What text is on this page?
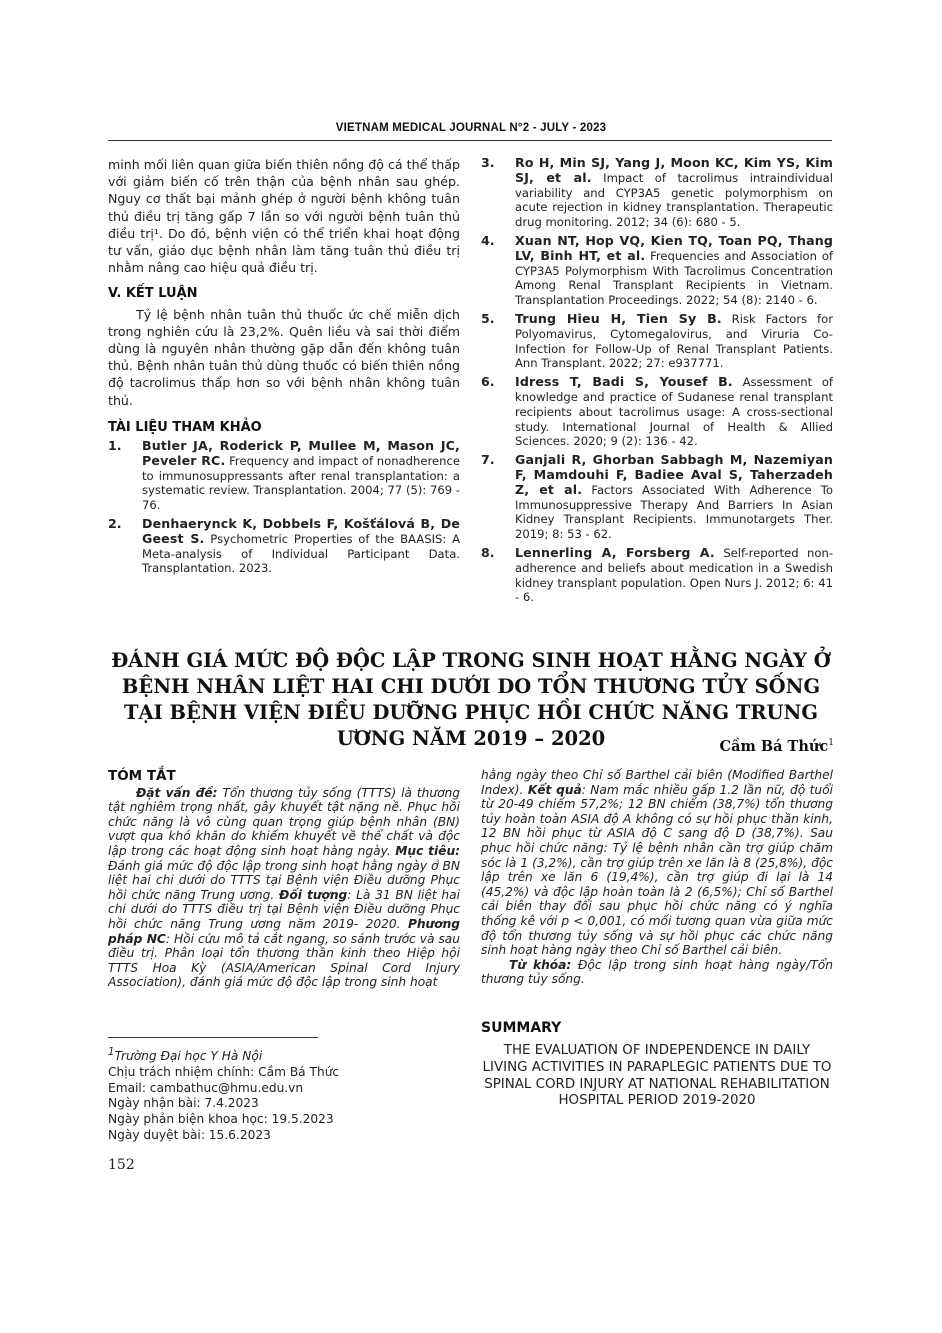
VIETNAM MEDICAL JOURNAL N°2 - JULY - 2023

minh mối liên quan giữa biến thiên nồng độ cá thể thấp với giảm biến cố trên thận của bệnh nhân sau ghép. Nguy cơ thất bại mảnh ghép ở người bệnh không tuân thủ điều trị tăng gấp 7 lần so với người bệnh tuân thủ điều trị¹. Do đó, bệnh viện có thể triển khai hoạt động tư vấn, giáo dục bệnh nhân làm tăng tuân thủ điều trị nhằm nâng cao hiệu quả điều trị.

V. KẾT LUẬN

Tỷ lệ bệnh nhân tuân thủ thuốc ức chế miễn dịch trong nghiên cứu là 23,2%. Quên liều và sai thời điểm dùng là nguyên nhân thường gặp dẫn đến không tuân thủ. Bệnh nhân tuân thủ dùng thuốc có biến thiên nồng độ tacrolimus thấp hơn so với bệnh nhân không tuân thủ.

TÀI LIỆU THAM KHẢO
1. Butler JA, Roderick P, Mullee M, Mason JC, Peveler RC. Frequency and impact of nonadherence to immunosuppressants after renal transplantation: a systematic review. Transplantation. 2004; 77 (5): 769 - 76.
2. Denhaerynck K, Dobbels F, Košťálová B, De Geest S. Psychometric Properties of the BAASIS: A Meta-analysis of Individual Participant Data. Transplantation. 2023.
3. Ro H, Min SJ, Yang J, Moon KC, Kim YS, Kim SJ, et al. Impact of tacrolimus intraindividual variability and CYP3A5 genetic polymorphism on acute rejection in kidney transplantation. Therapeutic drug monitoring. 2012; 34 (6): 680 - 5.
4. Xuan NT, Hop VQ, Kien TQ, Toan PQ, Thang LV, Binh HT, et al. Frequencies and Association of CYP3A5 Polymorphism With Tacrolimus Concentration Among Renal Transplant Recipients in Vietnam. Transplantation Proceedings. 2022; 54 (8): 2140 - 6.
5. Trung Hieu H, Tien Sy B. Risk Factors for Polyomavirus, Cytomegalovirus, and Viruria Co-Infection for Follow-Up of Renal Transplant Patients. Ann Transplant. 2022; 27: e937771.
6. Idress T, Badi S, Yousef B. Assessment of knowledge and practice of Sudanese renal transplant recipients about tacrolimus usage: A cross-sectional study. International Journal of Health & Allied Sciences. 2020; 9 (2): 136 - 42.
7. Ganjali R, Ghorban Sabbagh M, Nazemiyan F, Mamdouhi F, Badiee Aval S, Taherzadeh Z, et al. Factors Associated With Adherence To Immunosuppressive Therapy And Barriers In Asian Kidney Transplant Recipients. Immunotargets Ther. 2019; 8: 53 - 62.
8. Lennerling A, Forsberg A. Self-reported non-adherence and beliefs about medication in a Swedish kidney transplant population. Open Nurs J. 2012; 6: 41 - 6.
ĐÁNH GIÁ MỨC ĐỘ ĐỘC LẬP TRONG SINH HOẠT HẰNG NGÀY Ở BỆNH NHÂN LIỆT HAI CHI DƯỚI DO TỔN THƯƠNG TỦY SỐNG TẠI BỆNH VIỆN ĐIỀU DƯỠNG PHỤC HỒI CHỨC NĂNG TRUNG ƯƠNG NĂM 2019 – 2020	Cầm Bá Thức$^1$
TÓM TẮT

Đặt vấn đề: Tổn thương tủy sống (TTTS) là thương tật nghiêm trọng nhất, gây khuyết tật nặng nề. Phục hồi chức năng là vô cùng quan trọng giúp bệnh nhân (BN) vượt qua khó khăn do khiếm khuyết về thể chất và độc lập trong các hoạt động sinh hoạt hàng ngày. Mục tiêu: Đánh giá mức độ độc lập trong sinh hoạt hằng ngày ở BN liệt hai chi dưới do TTTS tại Bệnh viện Điều dưỡng Phục hồi chức năng Trung ương. Đối tượng: Là 31 BN liệt hai chi dưới do TTTS điều trị tại Bệnh viện Điều dưỡng Phục hồi chức năng Trung ương năm 2019- 2020. Phương pháp NC: Hồi cứu mô tả cắt ngang, so sánh trước và sau điều trị. Phân loại tổn thương thần kinh theo Hiệp hội TTTS Hoa Kỳ (ASIA/American Spinal Cord Injury Association), đánh giá mức độ độc lập trong sinh hoạt

hằng ngày theo Chỉ số Barthel cải biên (Modified Barthel Index). Kết quả: Nam mắc nhiều gấp 1.2 lần nữ, độ tuổi từ 20-49 chiếm 57,2%; 12 BN chiếm (38,7%) tổn thương tủy hoàn toàn ASIA độ A không có sự hồi phục thần kinh, 12 BN hồi phục từ ASIA độ C sang độ D (38,7%). Sau phục hồi chức năng: Tỷ lệ bệnh nhân cần trợ giúp chăm sóc là 1 (3,2%), cần trợ giúp trên xe lăn là 8 (25,8%), độc lập trên xe lăn 6 (19,4%), cần trợ giúp đi lại là 14 (45,2%) và độc lập hoàn toàn là 2 (6,5%); Chỉ số Barthel cải biên thay đổi sau phục hồi chức năng có ý nghĩa thống kê với p < 0,001, có mối tương quan vừa giữa mức độ tổn thương tủy sống và sự hồi phục các chức năng sinh hoạt hàng ngày theo Chỉ số Barthel cải biên.

Từ khóa: Độc lập trong sinh hoạt hàng ngày/Tổn thương tủy sống.

$^1$Trường Đại học Y Hà Nội
Chịu trách nhiệm chính: Cầm Bá Thức
Email: cambathuc@hmu.edu.vn
Ngày nhận bài: 7.4.2023
Ngày phản biện khoa học: 19.5.2023
Ngày duyệt bài: 15.6.2023
152
SUMMARY
THE EVALUATION OF INDEPENDENCE IN DAILY LIVING ACTIVITIES IN PARAPLEGIC PATIENTS DUE TO SPINAL CORD INJURY AT NATIONAL REHABILITATION HOSPITAL PERIOD 2019-2020
